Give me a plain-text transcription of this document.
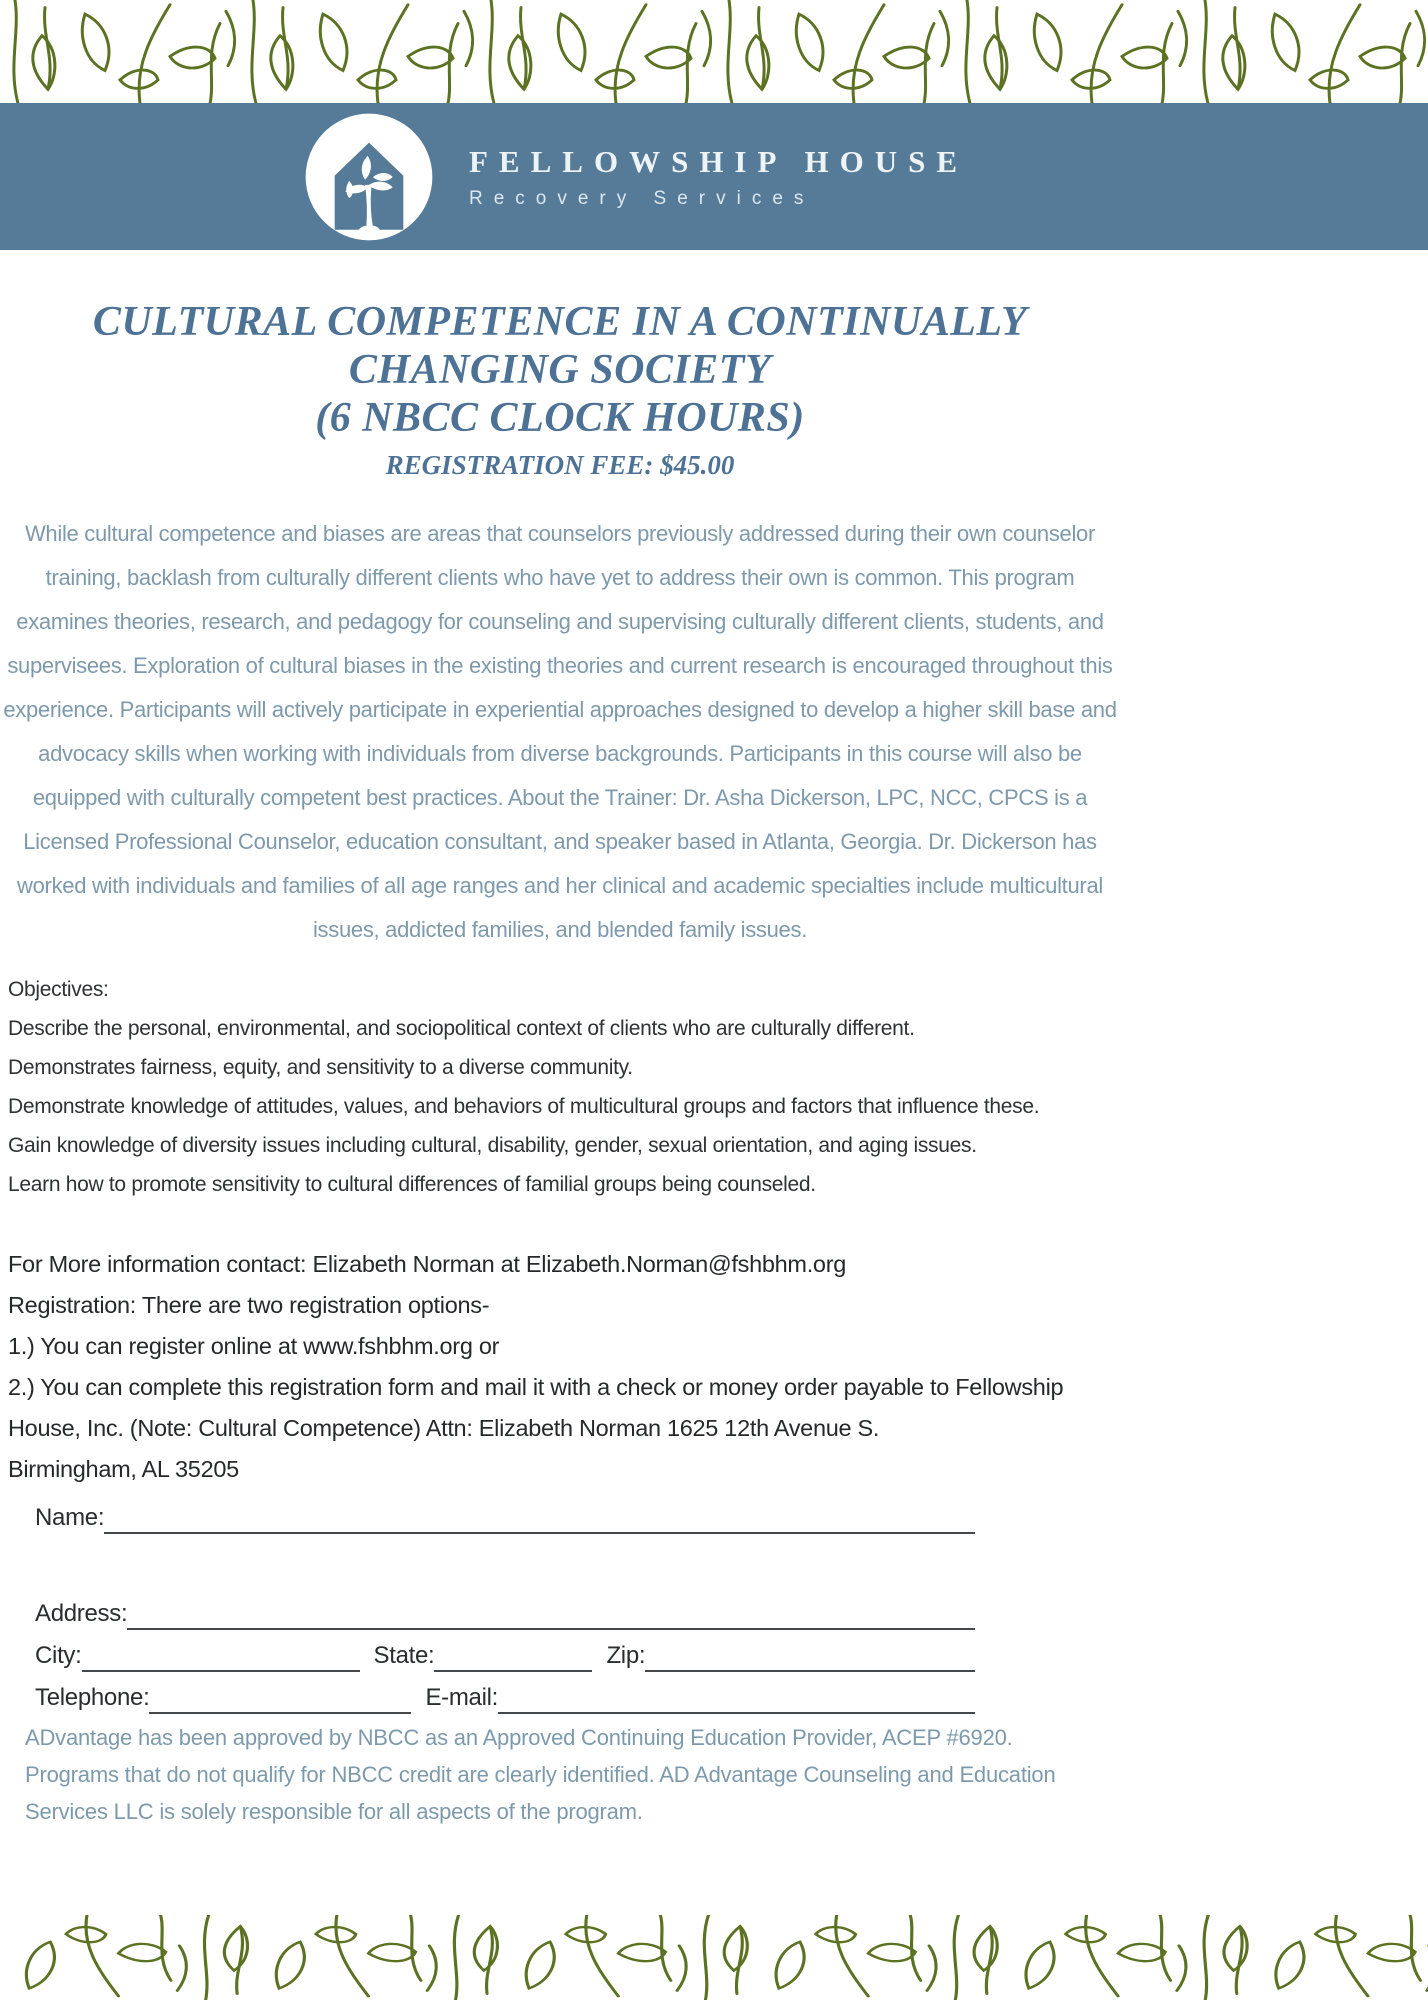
FELLOWSHIP HOUSE
Recovery Services
CULTURAL COMPETENCE IN A CONTINUALLY
CHANGING SOCIETY
(6 NBCC CLOCK HOURS)
REGISTRATION FEE: $45.00
While cultural competence and biases are areas that counselors previously addressed during their own counselor training, backlash from culturally different clients who have yet to address their own is common. This program examines theories, research, and pedagogy for counseling and supervising culturally different clients, students, and supervisees. Exploration of cultural biases in the existing theories and current research is encouraged throughout this experience. Participants will actively participate in experiential approaches designed to develop a higher skill base and advocacy skills when working with individuals from diverse backgrounds. Participants in this course will also be equipped with culturally competent best practices. About the Trainer: Dr. Asha Dickerson, LPC, NCC, CPCS is a Licensed Professional Counselor, education consultant, and speaker based in Atlanta, Georgia. Dr. Dickerson has worked with individuals and families of all age ranges and her clinical and academic specialties include multicultural issues, addicted families, and blended family issues.
Objectives:
Describe the personal, environmental, and sociopolitical context of clients who are culturally different.
Demonstrates fairness, equity, and sensitivity to a diverse community.
Demonstrate knowledge of attitudes, values, and behaviors of multicultural groups and factors that influence these.
Gain knowledge of diversity issues including cultural, disability, gender, sexual orientation, and aging issues.
Learn how to promote sensitivity to cultural differences of familial groups being counseled.
For More information contact: Elizabeth Norman at Elizabeth.Norman@fshbhm.org
Registration: There are two registration options-
1.) You can register online at www.fshbhm.org or
2.) You can complete this registration form and mail it with a check or money order payable to Fellowship House, Inc. (Note: Cultural Competence) Attn: Elizabeth Norman 1625 12th Avenue S.
Birmingham, AL 35205
Name:
Address:
City:	State:	Zip:
Telephone:	E-mail:
ADvantage has been approved by NBCC as an Approved Continuing Education Provider, ACEP #6920. Programs that do not qualify for NBCC credit are clearly identified. AD Advantage Counseling and Education Services LLC is solely responsible for all aspects of the program.
